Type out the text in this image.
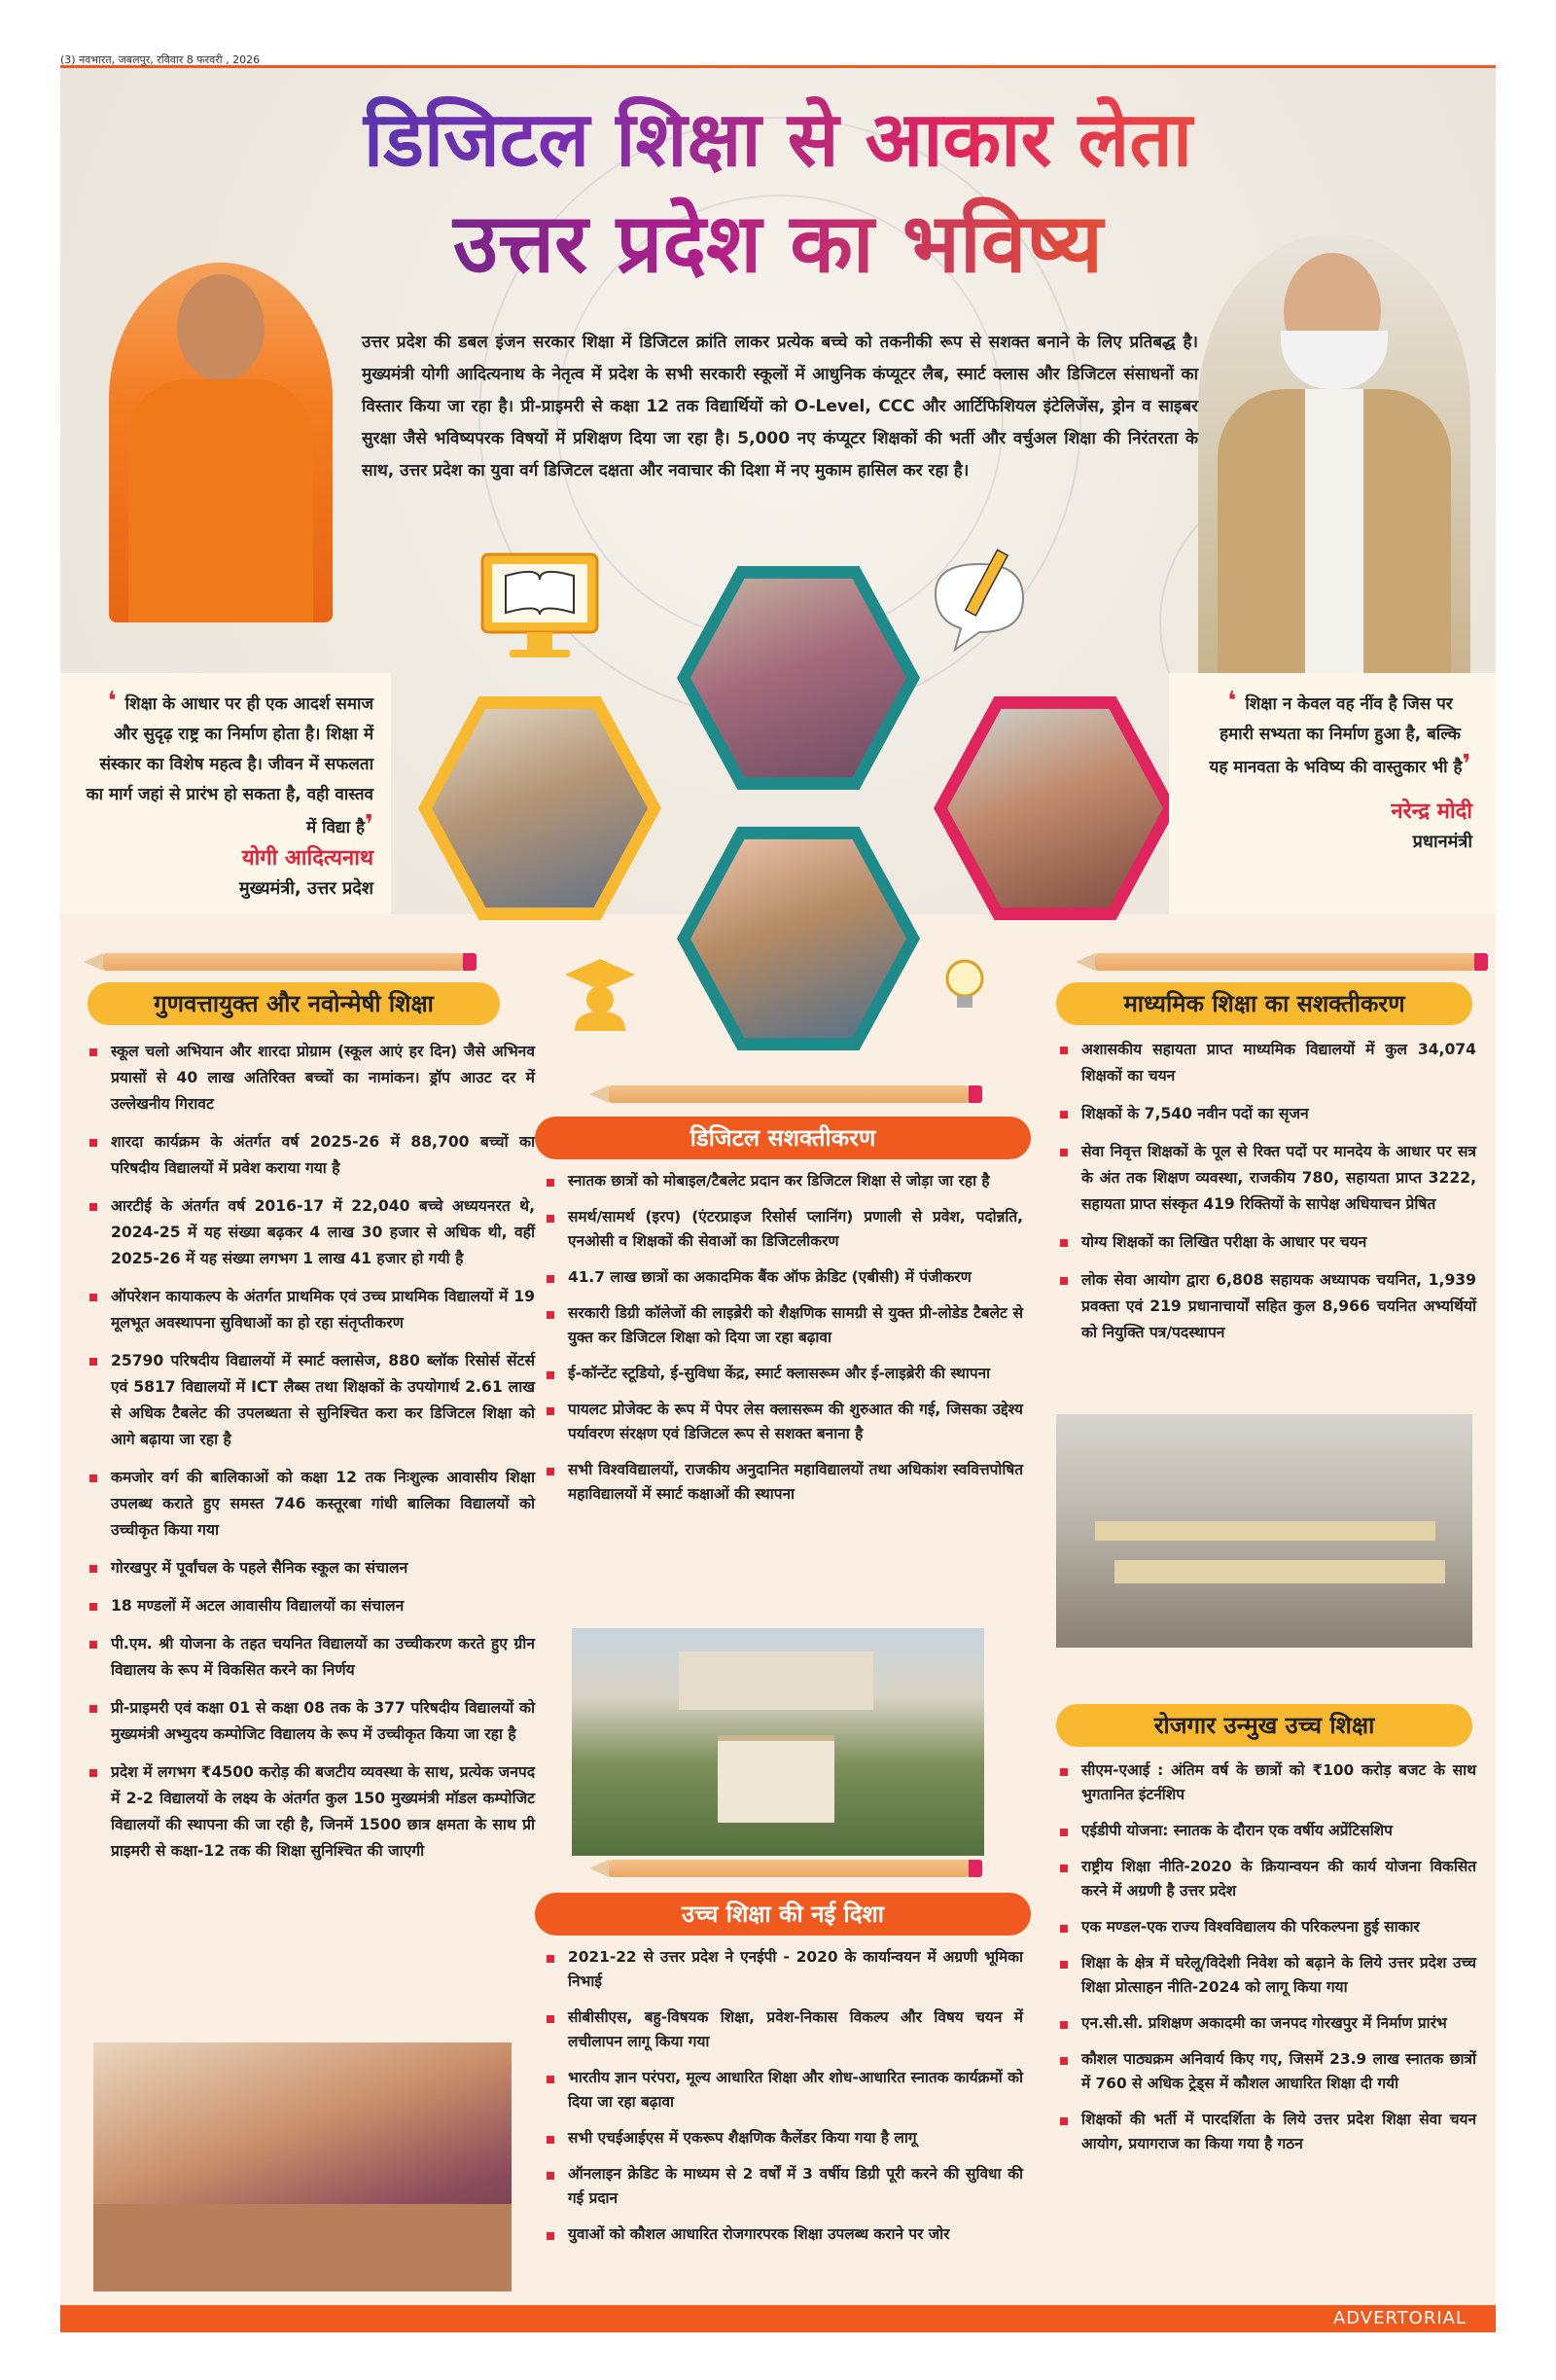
(3) नवभारत, जबलपुर, रविवार 8 फरवरी , 2026
डिजिटल शिक्षा से आकार लेता
उत्तर प्रदेश का भविष्य
उत्तर प्रदेश की डबल इंजन सरकार शिक्षा में डिजिटल क्रांति लाकर प्रत्येक बच्चे को तकनीकी रूप से सशक्त बनाने के लिए प्रतिबद्ध है। मुख्यमंत्री योगी आदित्यनाथ के नेतृत्व में प्रदेश के सभी सरकारी स्कूलों में आधुनिक कंप्यूटर लैब, स्मार्ट क्लास और डिजिटल संसाधनों का विस्तार किया जा रहा है। प्री-प्राइमरी से कक्षा 12 तक विद्यार्थियों को O-Level, CCC और आर्टिफिशियल इंटेलिजेंस, ड्रोन व साइबर सुरक्षा जैसे भविष्यपरक विषयों में प्रशिक्षण दिया जा रहा है। 5,000 नए कंप्यूटर शिक्षकों की भर्ती और वर्चुअल शिक्षा की निरंतरता के साथ, उत्तर प्रदेश का युवा वर्ग डिजिटल दक्षता और नवाचार की दिशा में नए मुकाम हासिल कर रहा है।
❛ शिक्षा के आधार पर ही एक आदर्श समाज और सुदृढ़ राष्ट्र का निर्माण होता है। शिक्षा में संस्कार का विशेष महत्व है। जीवन में सफलता का मार्ग जहां से प्रारंभ हो सकता है, वही वास्तव में विद्या है❜
योगी आदित्यनाथ
मुख्यमंत्री, उत्तर प्रदेश
❛ शिक्षा न केवल वह नींव है जिस पर हमारी सभ्यता का निर्माण हुआ है, बल्कि यह मानवता के भविष्य की वास्तुकार भी है❜
नरेन्द्र मोदी
प्रधानमंत्री
गुणवत्तायुक्त और नवोन्मेषी शिक्षा
स्कूल चलो अभियान और शारदा प्रोग्राम (स्कूल आएं हर दिन) जैसे अभिनव प्रयासों से 40 लाख अतिरिक्त बच्चों का नामांकन। ड्रॉप आउट दर में उल्लेखनीय गिरावट
शारदा कार्यक्रम के अंतर्गत वर्ष 2025-26 में 88,700 बच्चों का परिषदीय विद्यालयों में प्रवेश कराया गया है
आरटीई के अंतर्गत वर्ष 2016-17 में 22,040 बच्चे अध्ययनरत थे, 2024-25 में यह संख्या बढ़कर 4 लाख 30 हजार से अधिक थी, वहीं 2025-26 में यह संख्या लगभग 1 लाख 41 हजार हो गयी है
ऑपरेशन कायाकल्प के अंतर्गत प्राथमिक एवं उच्च प्राथमिक विद्यालयों में 19 मूलभूत अवस्थापना सुविधाओं का हो रहा संतृप्तीकरण
25790 परिषदीय विद्यालयों में स्मार्ट क्लासेज, 880 ब्लॉक रिसोर्स सेंटर्स एवं 5817 विद्यालयों में ICT लैब्स तथा शिक्षकों के उपयोगार्थ 2.61 लाख से अधिक टैबलेट की उपलब्धता से सुनिश्चित करा कर डिजिटल शिक्षा को आगे बढ़ाया जा रहा है
कमजोर वर्ग की बालिकाओं को कक्षा 12 तक निःशुल्क आवासीय शिक्षा उपलब्ध कराते हुए समस्त 746 कस्तूरबा गांधी बालिका विद्यालयों को उच्चीकृत किया गया
गोरखपुर में पूर्वांचल के पहले सैनिक स्कूल का संचालन
18 मण्डलों में अटल आवासीय विद्यालयों का संचालन
पी.एम. श्री योजना के तहत चयनित विद्यालयों का उच्चीकरण करते हुए ग्रीन विद्यालय के रूप में विकसित करने का निर्णय
प्री-प्राइमरी एवं कक्षा 01 से कक्षा 08 तक के 377 परिषदीय विद्यालयों को मुख्यमंत्री अभ्युदय कम्पोजिट विद्यालय के रूप में उच्चीकृत किया जा रहा है
प्रदेश में लगभग ₹4500 करोड़ की बजटीय व्यवस्था के साथ, प्रत्येक जनपद में 2-2 विद्यालयों के लक्ष्य के अंतर्गत कुल 150 मुख्यमंत्री मॉडल कम्पोजिट विद्यालयों की स्थापना की जा रही है, जिनमें 1500 छात्र क्षमता के साथ प्री प्राइमरी से कक्षा-12 तक की शिक्षा सुनिश्चित की जाएगी
डिजिटल सशक्तीकरण
स्नातक छात्रों को मोबाइल/टैबलेट प्रदान कर डिजिटल शिक्षा से जोड़ा जा रहा है
समर्थ/सामर्थ (इरप) (एंटरप्राइज रिसोर्स प्लानिंग) प्रणाली से प्रवेश, पदोन्नति, एनओसी व शिक्षकों की सेवाओं का डिजिटलीकरण
41.7 लाख छात्रों का अकादमिक बैंक ऑफ क्रेडिट (एबीसी) में पंजीकरण
सरकारी डिग्री कॉलेजों की लाइब्रेरी को शैक्षणिक सामग्री से युक्त प्री-लोडेड टैबलेट से युक्त कर डिजिटल शिक्षा को दिया जा रहा बढ़ावा
ई-कॉन्टेंट स्टूडियो, ई-सुविधा केंद्र, स्मार्ट क्लासरूम और ई-लाइब्रेरी की स्थापना
पायलट प्रोजेक्ट के रूप में पेपर लेस क्लासरूम की शुरुआत की गई, जिसका उद्देश्य पर्यावरण संरक्षण एवं डिजिटल रूप से सशक्त बनाना है
सभी विश्वविद्यालयों, राजकीय अनुदानित महाविद्यालयों तथा अधिकांश स्ववित्तपोषित महाविद्यालयों में स्मार्ट कक्षाओं की स्थापना
उच्च शिक्षा की नई दिशा
2021-22 से उत्तर प्रदेश ने एनईपी - 2020 के कार्यान्वयन में अग्रणी भूमिका निभाई
सीबीसीएस, बहु-विषयक शिक्षा, प्रवेश-निकास विकल्प और विषय चयन में लचीलापन लागू किया गया
भारतीय ज्ञान परंपरा, मूल्य आधारित शिक्षा और शोध-आधारित स्नातक कार्यक्रमों को दिया जा रहा बढ़ावा
सभी एचईआईएस में एकरूप शैक्षणिक कैलेंडर किया गया है लागू
ऑनलाइन क्रेडिट के माध्यम से 2 वर्षों में 3 वर्षीय डिग्री पूरी करने की सुविधा की गई प्रदान
युवाओं को कौशल आधारित रोजगारपरक शिक्षा उपलब्ध कराने पर जोर
माध्यमिक शिक्षा का सशक्तीकरण
अशासकीय सहायता प्राप्त माध्यमिक विद्यालयों में कुल 34,074 शिक्षकों का चयन
शिक्षकों के 7,540 नवीन पदों का सृजन
सेवा निवृत्त शिक्षकों के पूल से रिक्त पदों पर मानदेय के आधार पर सत्र के अंत तक शिक्षण व्यवस्था, राजकीय 780, सहायता प्राप्त 3222, सहायता प्राप्त संस्कृत 419 रिक्तियों के सापेक्ष अधियाचन प्रेषित
योग्य शिक्षकों का लिखित परीक्षा के आधार पर चयन
लोक सेवा आयोग द्वारा 6,808 सहायक अध्यापक चयनित, 1,939 प्रवक्ता एवं 219 प्रधानाचार्यों सहित कुल 8,966 चयनित अभ्यर्थियों को नियुक्ति पत्र/पदस्थापन
रोजगार उन्मुख उच्च शिक्षा
सीएम-एआई : अंतिम वर्ष के छात्रों को ₹100 करोड़ बजट के साथ भुगतानित इंटर्नशिप
एईडीपी योजना: स्नातक के दौरान एक वर्षीय अप्रेंटिसशिप
राष्ट्रीय शिक्षा नीति-2020 के क्रियान्वयन की कार्य योजना विकसित करने में अग्रणी है उत्तर प्रदेश
एक मण्डल-एक राज्य विश्वविद्यालय की परिकल्पना हुई साकार
शिक्षा के क्षेत्र में घरेलू/विदेशी निवेश को बढ़ाने के लिये उत्तर प्रदेश उच्च शिक्षा प्रोत्साहन नीति-2024 को लागू किया गया
एन.सी.सी. प्रशिक्षण अकादमी का जनपद गोरखपुर में निर्माण प्रारंभ
कौशल पाठ्यक्रम अनिवार्य किए गए, जिसमें 23.9 लाख स्नातक छात्रों में 760 से अधिक ट्रेड्स में कौशल आधारित शिक्षा दी गयी
शिक्षकों की भर्ती में पारदर्शिता के लिये उत्तर प्रदेश शिक्षा सेवा चयन आयोग, प्रयागराज का किया गया है गठन
ADVERTORIAL
